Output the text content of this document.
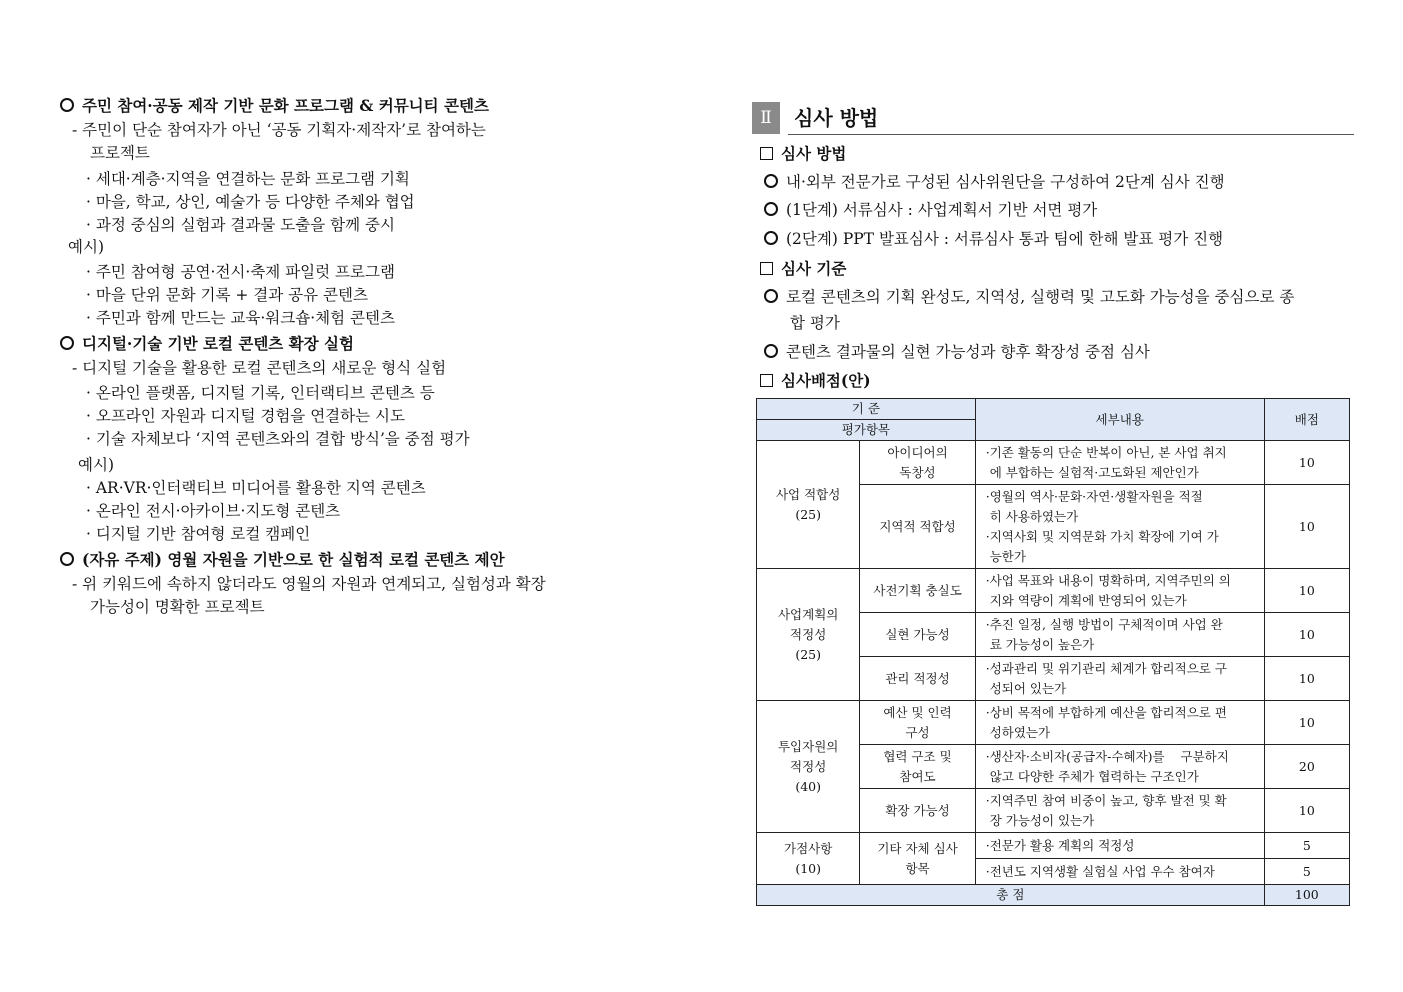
주민 참여·공동 제작 기반 문화 프로그램 & 커뮤니티 콘텐츠
- 주민이 단순 참여자가 아닌 ‘공동 기획자·제작자’로 참여하는
프로젝트
· 세대·계층·지역을 연결하는 문화 프로그램 기획
· 마을, 학교, 상인, 예술가 등 다양한 주체와 협업
· 과정 중심의 실험과 결과물 도출을 함께 중시
예시)
· 주민 참여형 공연·전시·축제 파일럿 프로그램
· 마을 단위 문화 기록 + 결과 공유 콘텐츠
· 주민과 함께 만드는 교육·워크숍·체험 콘텐츠
디지털·기술 기반 로컬 콘텐츠 확장 실험
- 디지털 기술을 활용한 로컬 콘텐츠의 새로운 형식 실험
· 온라인 플랫폼, 디지털 기록, 인터랙티브 콘텐츠 등
· 오프라인 자원과 디지털 경험을 연결하는 시도
· 기술 자체보다 ‘지역 콘텐츠와의 결합 방식’을 중점 평가
예시)
· AR·VR·인터랙티브 미디어를 활용한 지역 콘텐츠
· 온라인 전시·아카이브·지도형 콘텐츠
· 디지털 기반 참여형 로컬 캠페인
(자유 주제) 영월 자원을 기반으로 한 실험적 로컬 콘텐츠 제안
- 위 키워드에 속하지 않더라도 영월의 자원과 연계되고, 실험성과 확장
가능성이 명확한 프로젝트
Ⅱ	심사 방법
심사 방법
내·외부 전문가로 구성된 심사위원단을 구성하여 2단계 심사 진행
(1단계) 서류심사 : 사업계획서 기반 서면 평가
(2단계) PPT 발표심사 : 서류심사 통과 팀에 한해 발표 평가 진행
심사 기준
로컬 콘텐츠의 기획 완성도, 지역성, 실행력 및 고도화 가능성을 중심으로 종
합 평가
콘텐츠 결과물의 실현 가능성과 향후 확장성 중점 심사
심사배점(안)
기 준		세부내용	배점
평가항목			
사업 적합성
(25)	아이디어의
독창성	·기존 활동의 단순 반복이 아닌, 본 사업 취지
에 부합하는 실험적·고도화된 제안인가	10
	지역적 적합성	·영월의 역사·문화·자연·생활자원을 적절
히 사용하였는가
·지역사회 및 지역문화 가치 확장에 기여 가
능한가	10
사업계획의
적정성
(25)	사전기획 충실도	·사업 목표와 내용이 명확하며, 지역주민의 의
지와 역량이 계획에 반영되어 있는가	10
	실현 가능성	·추진 일정, 실행 방법이 구체적이며 사업 완
료 가능성이 높은가	10
	관리 적정성	·성과관리 및 위기관리 체계가 합리적으로 구
성되어 있는가	10
투입자원의
적정성
(40)	예산 및 인력
구성	·상비 목적에 부합하게 예산을 합리적으로 편
성하였는가	10
	협력 구조 및
참여도	·생산자·소비자(공급자-수혜자)를    구분하지
않고 다양한 주체가 협력하는 구조인가	20
	확장 가능성	·지역주민 참여 비중이 높고, 향후 발전 및 확
장 가능성이 있는가	10
가점사항
(10)	기타 자체 심사
항목	·전문가 활용 계획의 적정성	5
		·전년도 지역생활 실험실 사업 우수 참여자	5
총 점			100
